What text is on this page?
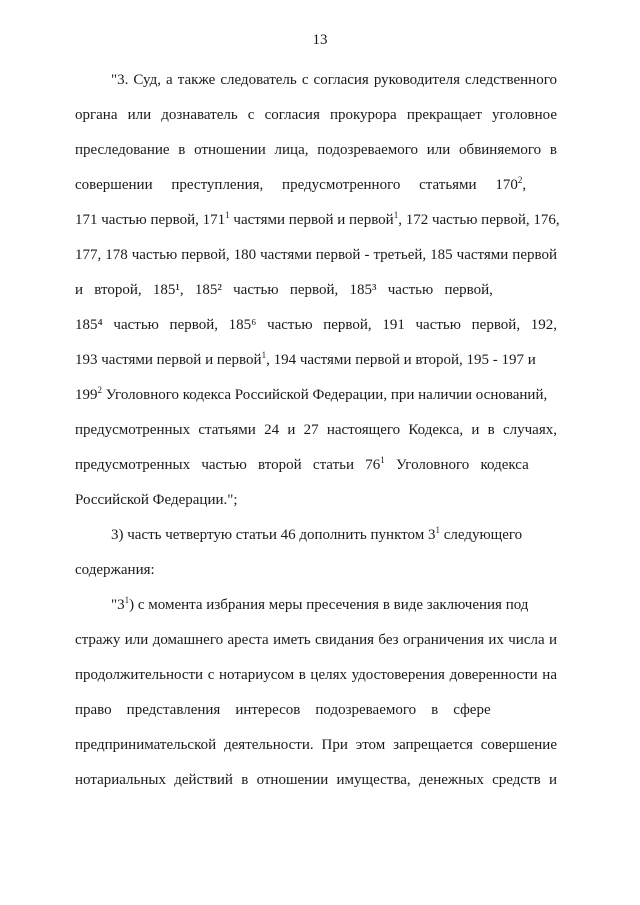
13
"3. Суд, а также следователь с согласия руководителя следственного
органа или дознаватель с согласия прокурора прекращает уголовное
преследование в отношении лица, подозреваемого или обвиняемого в
совершении     преступления,     предусмотренного     статьями     $170^2$,
171 частью первой, $171^1$ частями первой и первой$^1$, 172 частью первой, 176,
177, 178 частью первой, 180 частями первой - третьей, 185 частями первой
и   второй,   185¹,   185²   частью   первой,   185³   частью   первой,
185⁴ частью первой, 185⁶ частью первой, 191 частью первой, 192,
193 частями первой и первой$^1$, 194 частями первой и второй, 195 - 197 и
$199^2$ Уголовного кодекса Российской Федерации, при наличии оснований,
предусмотренных статьями 24 и 27 настоящего Кодекса, и в случаях,
предусмотренных   частью   второй   статьи   $76^1$   Уголовного   кодекса
Российской Федерации.";
3) часть четвертую статьи 46 дополнить пунктом $3^1$ следующего
содержания:
"$3^1$) с момента избрания меры пресечения в виде заключения под
стражу или домашнего ареста иметь свидания без ограничения их числа и
продолжительности с нотариусом в целях удостоверения доверенности на
право    представления    интересов    подозреваемого    в    сфере
предпринимательской деятельности. При этом запрещается совершение
нотариальных действий в отношении имущества, денежных средств и
